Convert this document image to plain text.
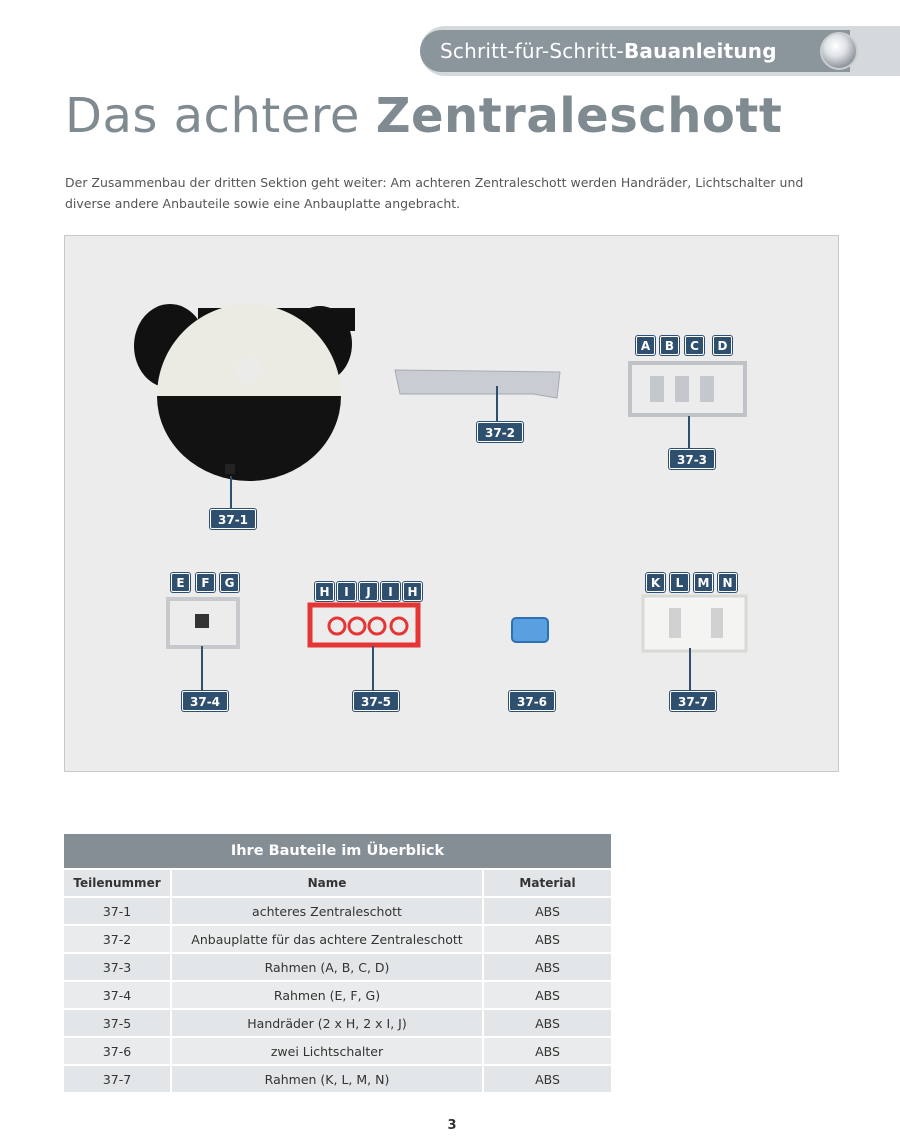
Schritt-für-Schritt-Bauanleitung
Das achtere Zentraleschott

Der Zusammenbau der dritten Sektion geht weiter: Am achteren Zentraleschott werden Handräder, Lichtschalter und diverse andere Anbauteile sowie eine Anbauplatte angebracht.

A	B	C	D
E	F	G
H	I	J	I	H
K	L	M	N
37-1
37-2
37-3
37-4	37-5	37-6	37-7
Ihre Bauteile im Überblick		
Teilenummer	Name	Material
37-1	achteres Zentraleschott	ABS
37-2	Anbauplatte für das achtere Zentraleschott	ABS
37-3	Rahmen (A, B, C, D)	ABS
37-4	Rahmen (E, F, G)	ABS
37-5	Handräder (2 x H, 2 x I, J)	ABS
37-6	zwei Lichtschalter	ABS
37-7	Rahmen (K, L, M, N)	ABS
3
